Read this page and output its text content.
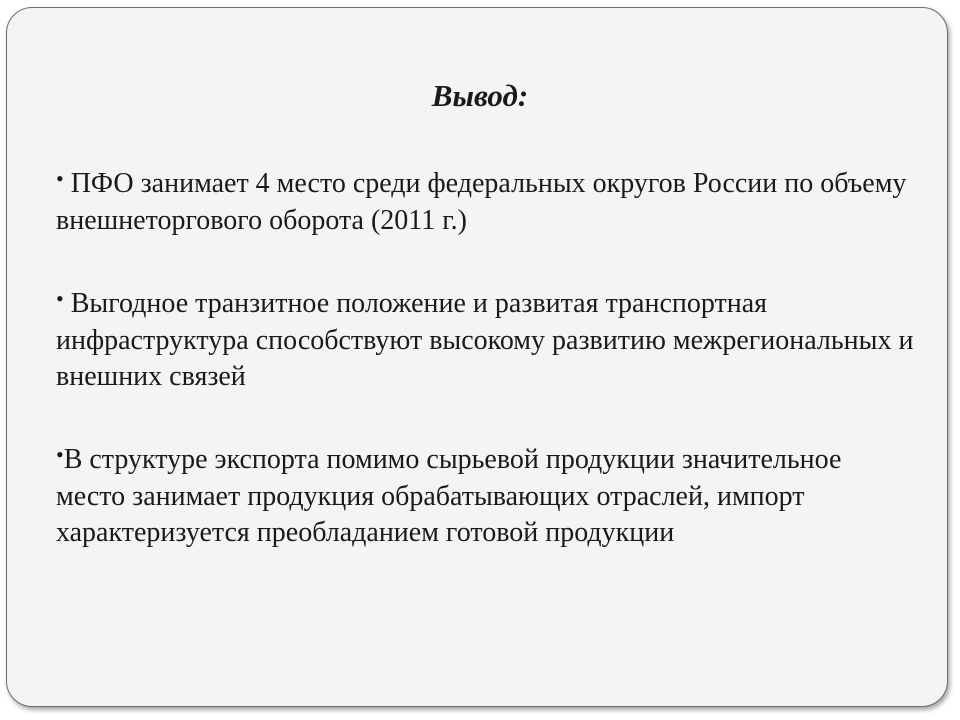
Вывод:
• ПФО занимает 4 место среди федеральных округов России по объему внешнеторгового оборота (2011 г.)
• Выгодное транзитное положение и развитая транспортная инфраструктура способствуют высокому развитию межрегиональных и внешних связей
•В структуре экспорта помимо сырьевой продукции значительное место занимает продукция обрабатывающих отраслей, импорт характеризуется преобладанием готовой продукции
